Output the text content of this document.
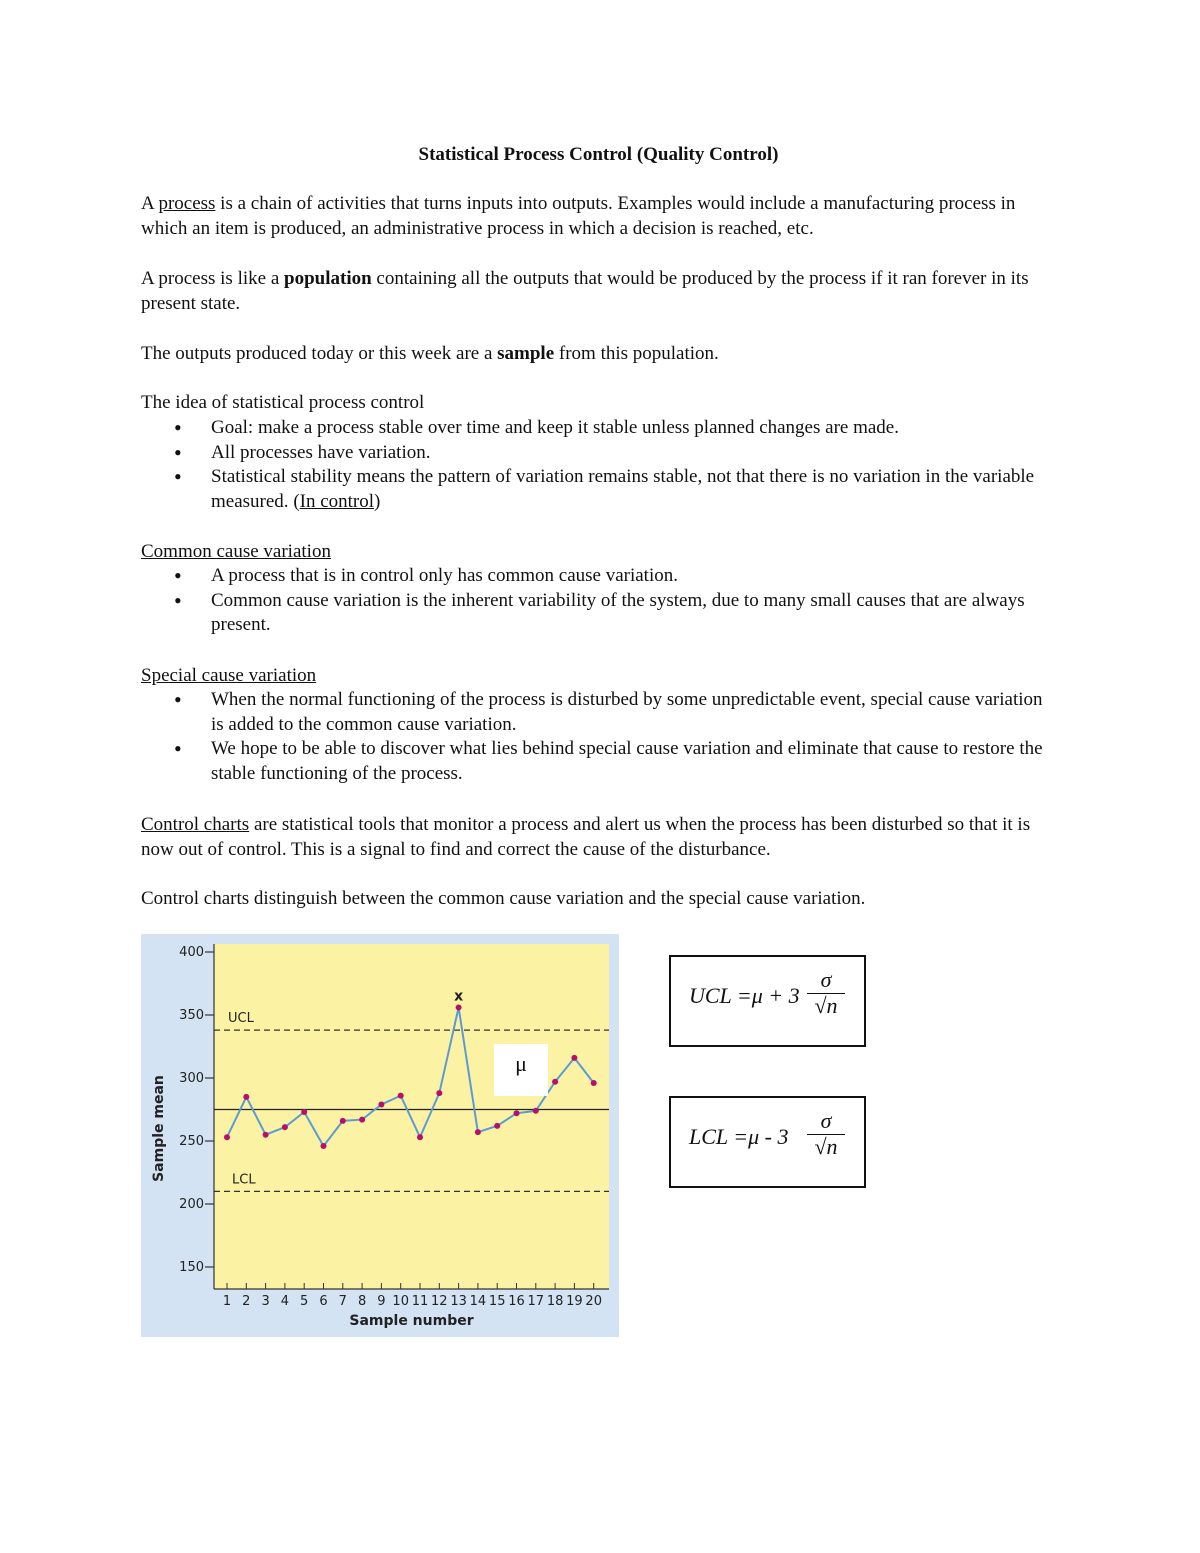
Statistical Process Control (Quality Control)

A process is a chain of activities that turns inputs into outputs. Examples would include a manufacturing process in which an item is produced, an administrative process in which a decision is reached, etc.

A process is like a population containing all the outputs that would be produced by the process if it ran forever in its present state.

The outputs produced today or this week are a sample from this population.

The idea of statistical process control

• Goal: make a process stable over time and keep it stable unless planned changes are made.
• All processes have variation.
• Statistical stability means the pattern of variation remains stable, not that there is no variation in the variable measured. (In control)

Common cause variation

• A process that is in control only has common cause variation.
• Common cause variation is the inherent variability of the system, due to many small causes that are always present.

Special cause variation

• When the normal functioning of the process is disturbed by some unpredictable event, special cause variation is added to the common cause variation.
• We hope to be able to discover what lies behind special cause variation and eliminate that cause to restore the stable functioning of the process.

Control charts are statistical tools that monitor a process and alert us when the process has been disturbed so that it is now out of control. This is a signal to find and correct the cause of the disturbance.

Control charts distinguish between the common cause variation and the special cause variation.

150
200
250
300
350
400
1 2 3 4 5 6 7 8 9 10 11 12 13 14 15 16 17 18 19 20
UCL
LCL
x
Sample number
Sample mean
μ
UCL =μ + 3
σ
√n
LCL =μ - 3
σ
√n
